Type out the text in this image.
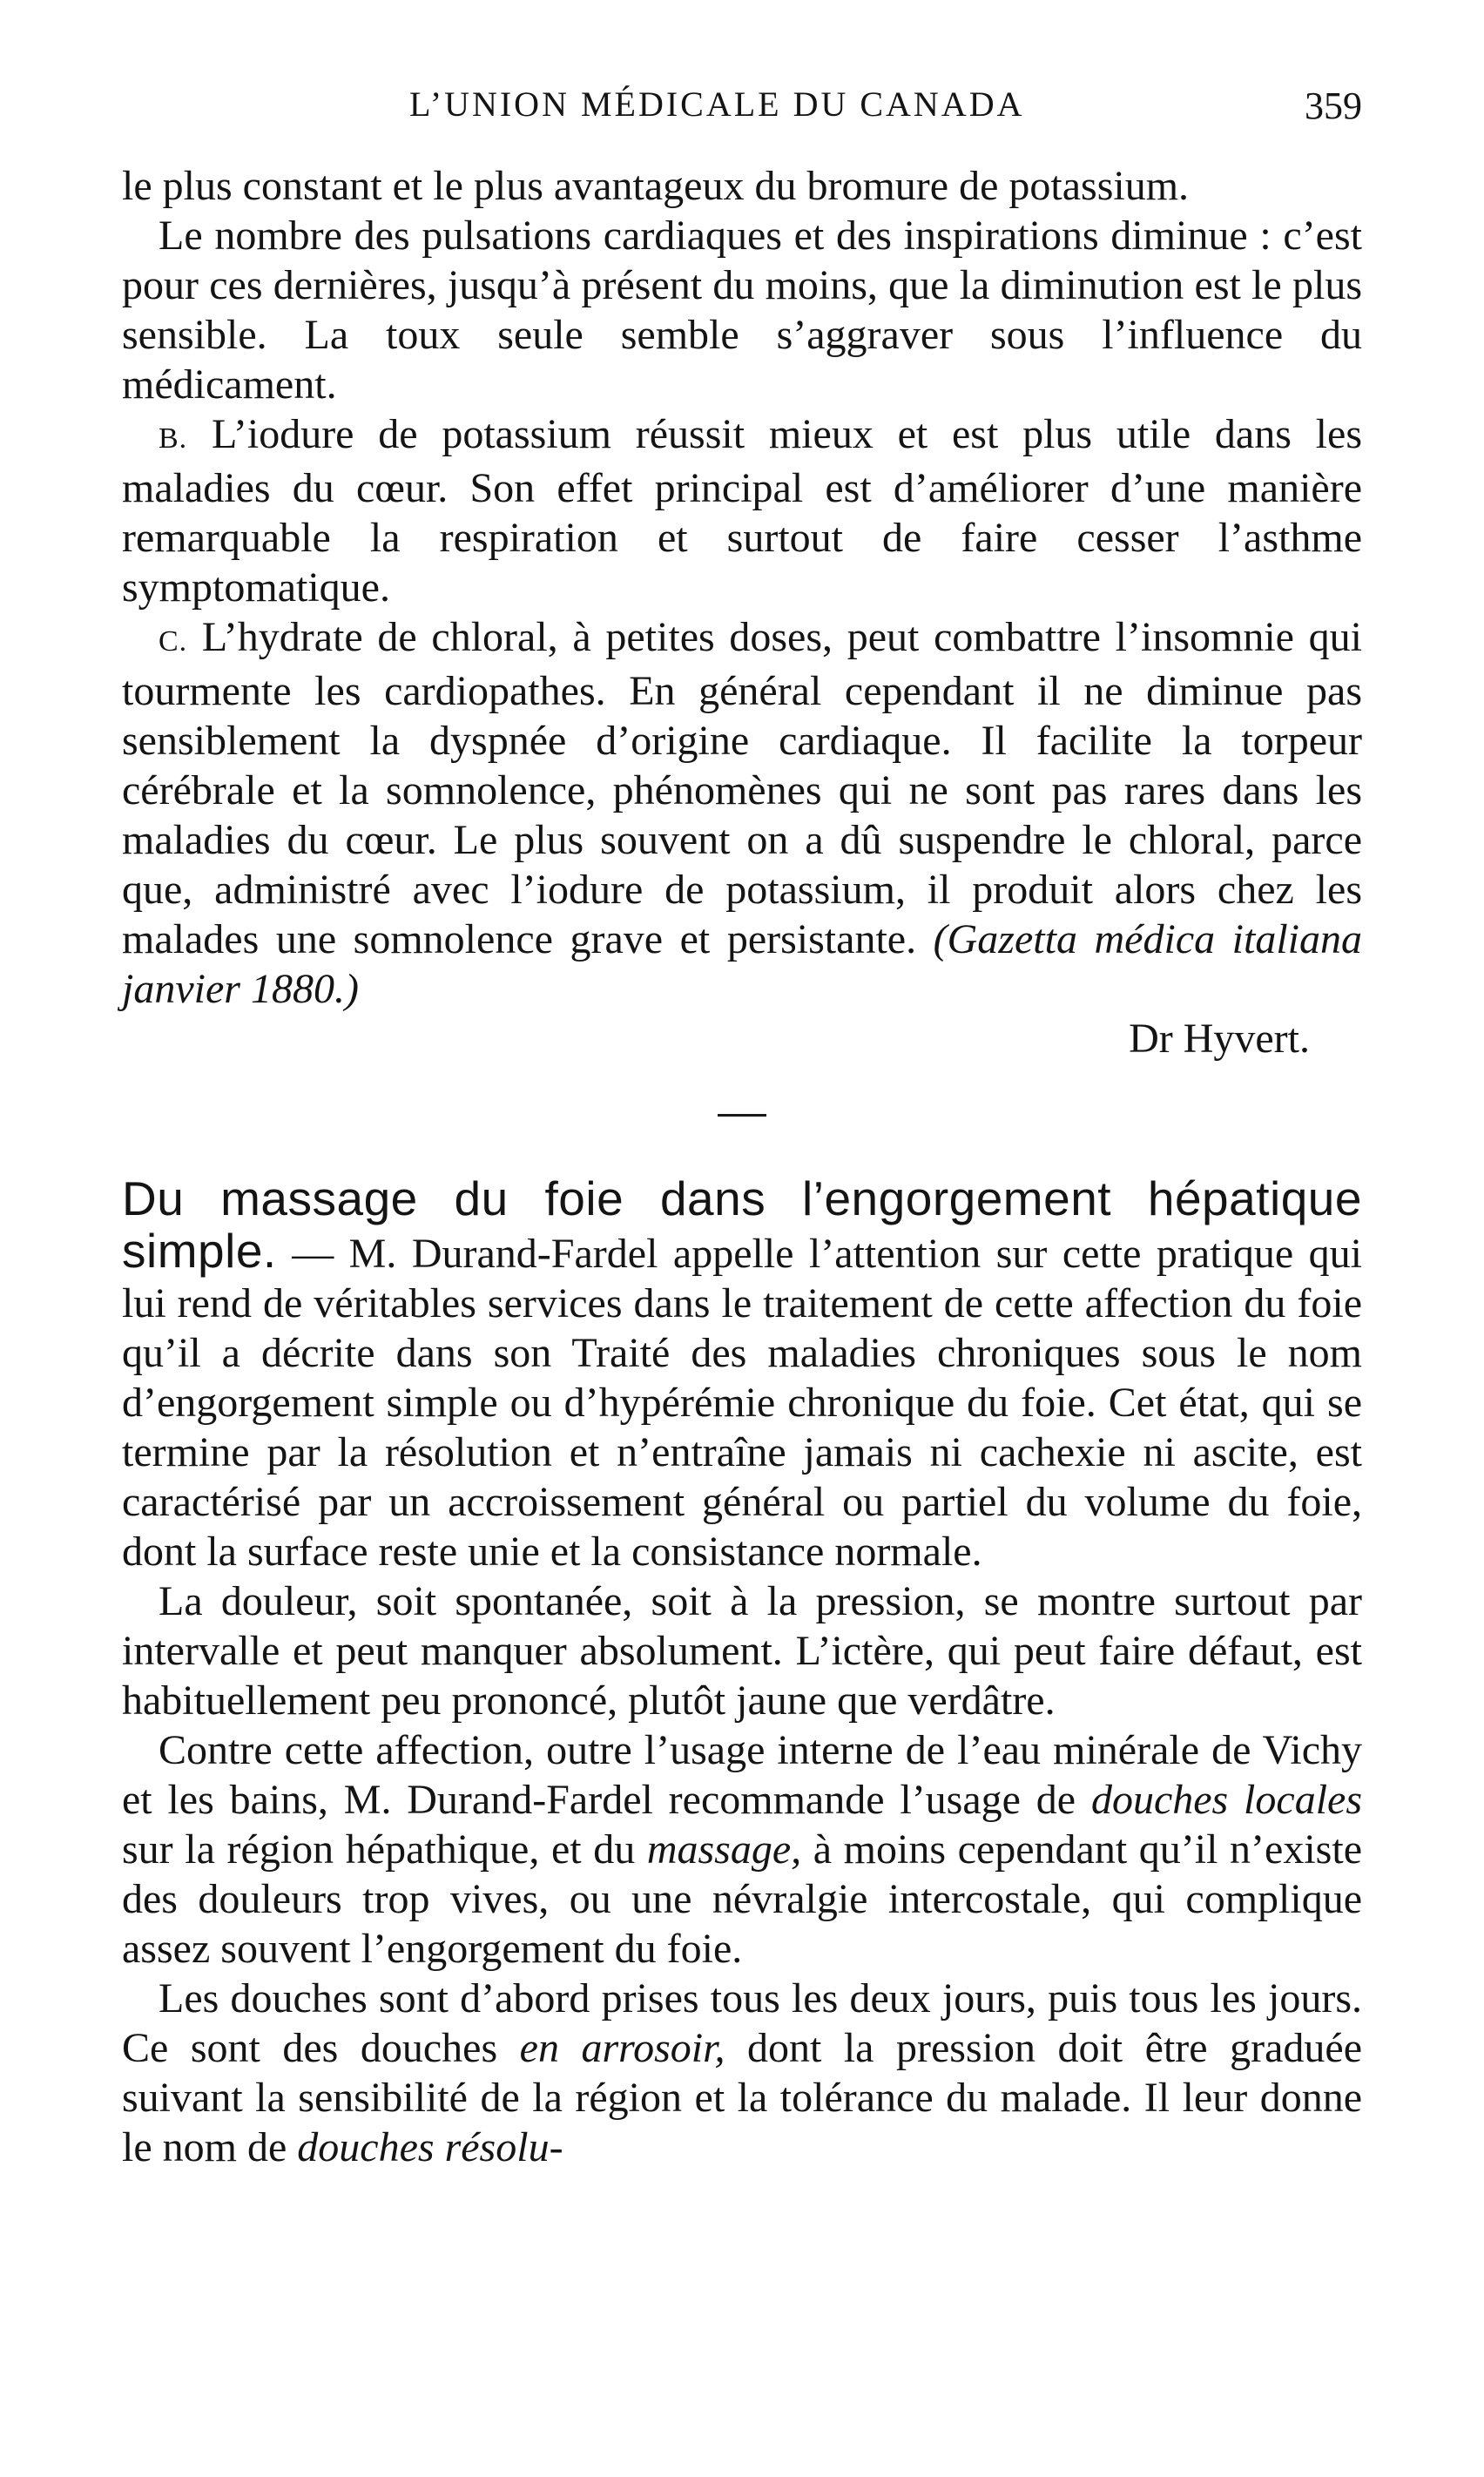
L’UNION MÉDICALE DU CANADA	359

le plus constant et le plus avantageux du bromure de potassium.

Le nombre des pulsations cardiaques et des inspirations diminue : c’est pour ces dernières, jusqu’à présent du moins, que la diminution est le plus sensible. La toux seule semble s’aggraver sous l’influence du médicament.

B. L’iodure de potassium réussit mieux et est plus utile dans les maladies du cœur. Son effet principal est d’améliorer d’une manière remarquable la respiration et surtout de faire cesser l’asthme symptomatique.

C. L’hydrate de chloral, à petites doses, peut combattre l’insomnie qui tourmente les cardiopathes. En général cependant il ne diminue pas sensiblement la dyspnée d’origine cardiaque. Il facilite la torpeur cérébrale et la somnolence, phénomènes qui ne sont pas rares dans les maladies du cœur. Le plus souvent on a dû suspendre le chloral, parce que, administré avec l’iodure de potassium, il produit alors chez les malades une somnolence grave et persistante. (Gazetta médica italiana janvier 1880.)

Dr Hyvert.

Du massage du foie dans l’engorgement hépatique simple. — M. Durand-Fardel appelle l’attention sur cette pratique qui lui rend de véritables services dans le traitement de cette affection du foie qu’il a décrite dans son Traité des maladies chroniques sous le nom d’engorgement simple ou d’hypérémie chronique du foie. Cet état, qui se termine par la résolution et n’entraîne jamais ni cachexie ni ascite, est caractérisé par un accroissement général ou partiel du volume du foie, dont la surface reste unie et la consistance normale.

La douleur, soit spontanée, soit à la pression, se montre surtout par intervalle et peut manquer absolument. L’ictère, qui peut faire défaut, est habituellement peu prononcé, plutôt jaune que verdâtre.

Contre cette affection, outre l’usage interne de l’eau minérale de Vichy et les bains, M. Durand-Fardel recommande l’usage de douches locales sur la région hépathique, et du massage, à moins cependant qu’il n’existe des douleurs trop vives, ou une névralgie intercostale, qui complique assez souvent l’engorgement du foie.

Les douches sont d’abord prises tous les deux jours, puis tous les jours. Ce sont des douches en arrosoir, dont la pression doit être graduée suivant la sensibilité de la région et la tolérance du malade. Il leur donne le nom de douches résolu-
